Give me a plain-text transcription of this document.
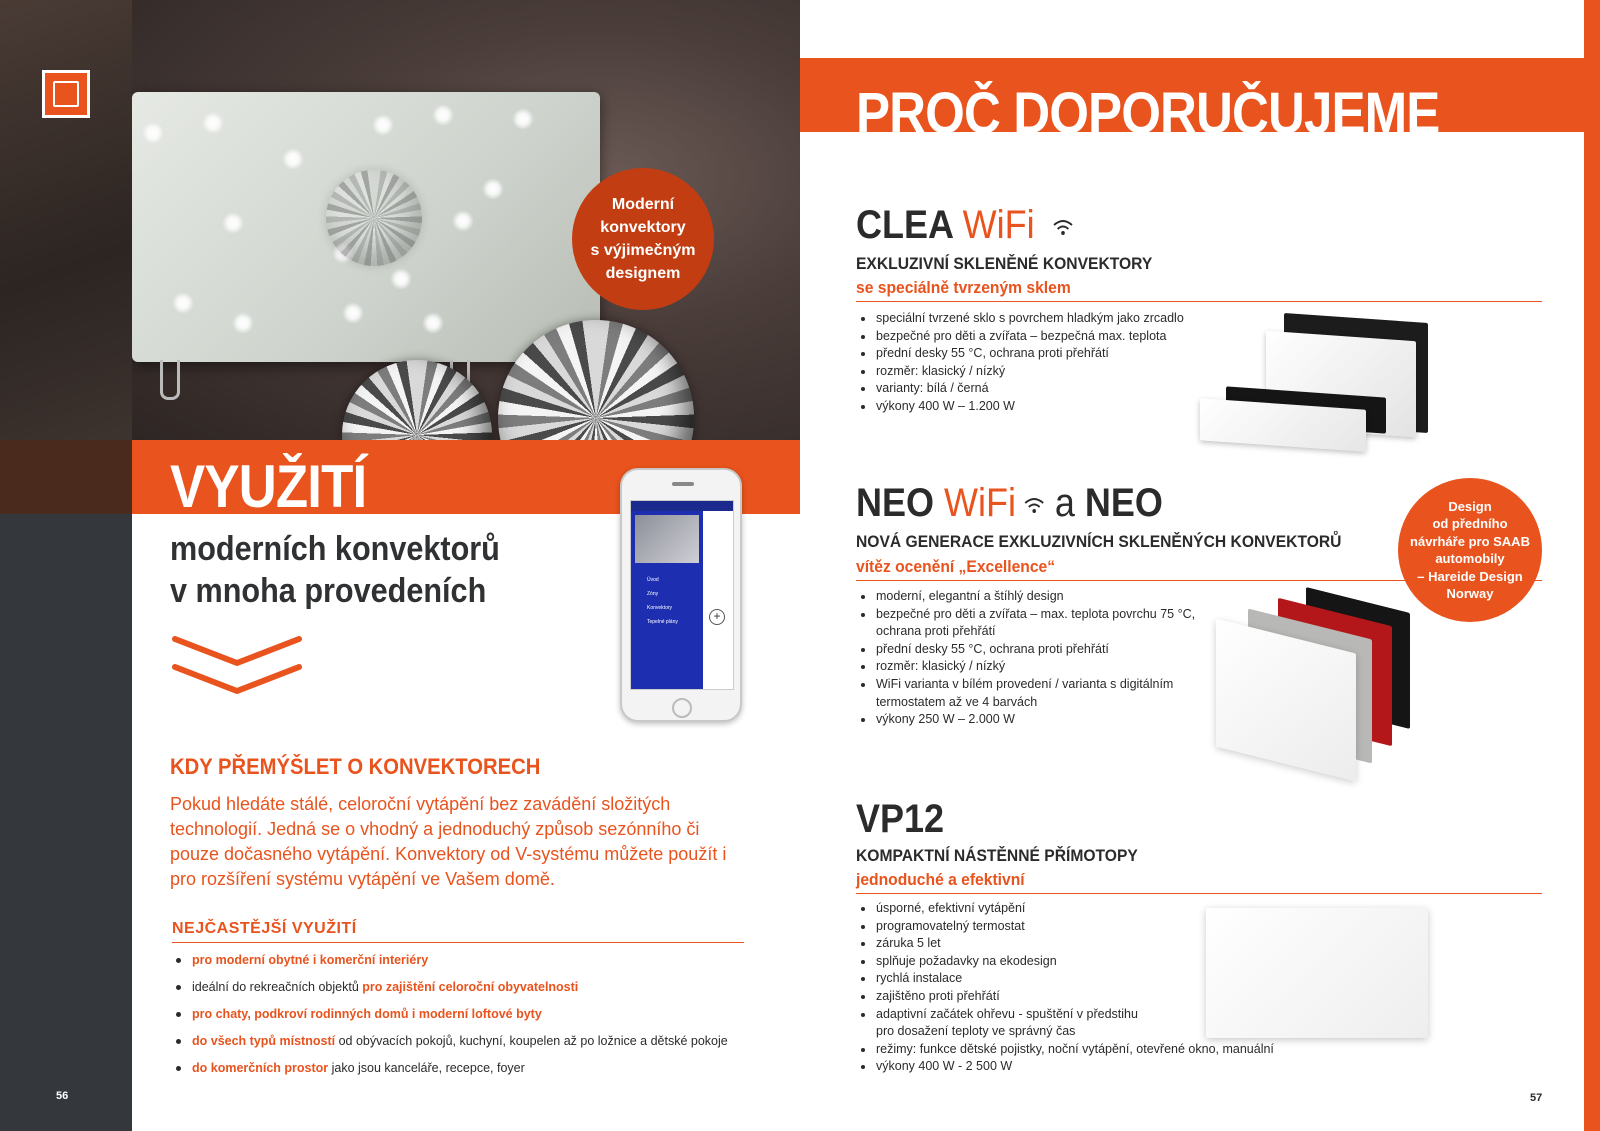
Moderní
konvektory
s výjimečným
designem
VYUŽITÍ
moderních konvektorů
v mnoha provedeních	Úvod
Zóny
Konvektory
Tepelné plány	+
KDY PŘEMÝŠLET O KONVEKTORECH
Pokud hledáte stálé, celoroční vytápění bez zavádění složitých technologií. Jedná se o vhodný a jednoduchý způsob sezónního či pouze dočasného vytápění. Konvektory od V-systému můžete použít i pro rozšíření systému vytápění ve Vašem domě.
NEJČASTĚJŠÍ VYUŽITÍ
pro moderní obytné i komerční interiéry
ideální do rekreačních objektů pro zajištění celoroční obyvatelnosti
pro chaty, podkroví rodinných domů i moderní loftové byty
do všech typů místností od obývacích pokojů, kuchyní, koupelen až po ložnice a dětské pokoje
do komerčních prostor jako jsou kanceláře, recepce, foyer
56
PROČ DOPORUČUJEME
CLEA WiFi
EXKLUZIVNÍ SKLENĚNÉ KONVEKTORY
se speciálně tvrzeným sklem
speciální tvrzené sklo s povrchem hladkým jako zrcadlo
bezpečné pro děti a zvířata – bezpečná max. teplota
přední desky 55 °C, ochrana proti přehřátí
rozměr: klasický / nízký
varianty: bílá / černá
výkony 400 W – 1.200 W
NEO WiFi a NEO
NOVÁ GENERACE EXKLUZIVNÍCH SKLENĚNÝCH KONVEKTORŮ
vítěz ocenění „Excellence“
moderní, elegantní a štíhlý design
bezpečné pro děti a zvířata – max. teplota povrchu 75 °C,
ochrana proti přehřátí
přední desky 55 °C, ochrana proti přehřátí
rozměr: klasický / nízký
WiFi varianta v bílém provedení / varianta s digitálním
termostatem až ve 4 barvách
výkony 250 W – 2.000 W
Design
od předního
návrháře pro SAAB
automobily
– Hareide Design
Norway
VP12
KOMPAKTNÍ NÁSTĚNNÉ PŘÍMOTOPY
jednoduché a efektivní
úsporné, efektivní vytápění
programovatelný termostat
záruka 5 let
splňuje požadavky na ekodesign
rychlá instalace
zajištěno proti přehřátí
adaptivní začátek ohřevu - spuštění v předstihu
pro dosažení teploty ve správný čas
režimy: funkce dětské pojistky, noční vytápění, otevřené okno, manuální
výkony 400 W - 2 500 W
57
